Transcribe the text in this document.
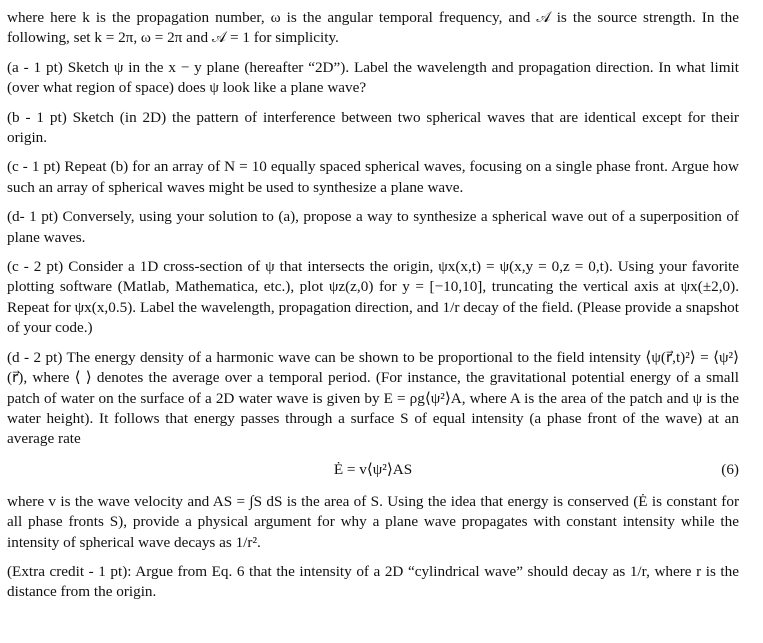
where here k is the propagation number, ω is the angular temporal frequency, and 𝒜 is the source strength. In the following, set k = 2π, ω = 2π and 𝒜 = 1 for simplicity.

(a - 1 pt) Sketch ψ in the x − y plane (hereafter “2D”). Label the wavelength and propagation direction. In what limit (over what region of space) does ψ look like a plane wave?

(b - 1 pt) Sketch (in 2D) the pattern of interference between two spherical waves that are identical except for their origin.

(c - 1 pt) Repeat (b) for an array of N = 10 equally spaced spherical waves, focusing on a single phase front. Argue how such an array of spherical waves might be used to synthesize a plane wave.

(d- 1 pt) Conversely, using your solution to (a), propose a way to synthesize a spherical wave out of a superposition of plane waves.

(c - 2 pt) Consider a 1D cross-section of ψ that intersects the origin, ψx(x,t) = ψ(x,y = 0,z = 0,t). Using your favorite plotting software (Matlab, Mathematica, etc.), plot ψz(z,0) for y = [−10,10], truncating the vertical axis at ψx(±2,0). Repeat for ψx(x,0.5). Label the wavelength, propagation direction, and 1/r decay of the field. (Please provide a snapshot of your code.)

(d - 2 pt) The energy density of a harmonic wave can be shown to be proportional to the field intensity ⟨ψ(r⃗,t)²⟩ = ⟨ψ²⟩(r⃗), where ⟨ ⟩ denotes the average over a temporal period. (For instance, the gravitational potential energy of a small patch of water on the surface of a 2D water wave is given by E = ρg⟨ψ²⟩A, where A is the area of the patch and ψ is the water height). It follows that energy passes through a surface S of equal intensity (a phase front of the wave) at an average rate

Ė = v⟨ψ²⟩AS	(6)

where v is the wave velocity and AS = ∫S dS is the area of S. Using the idea that energy is conserved (Ė is constant for all phase fronts S), provide a physical argument for why a plane wave propagates with constant intensity while the intensity of spherical wave decays as 1/r².

(Extra credit - 1 pt): Argue from Eq. 6 that the intensity of a 2D “cylindrical wave” should decay as 1/r, where r is the distance from the origin.
